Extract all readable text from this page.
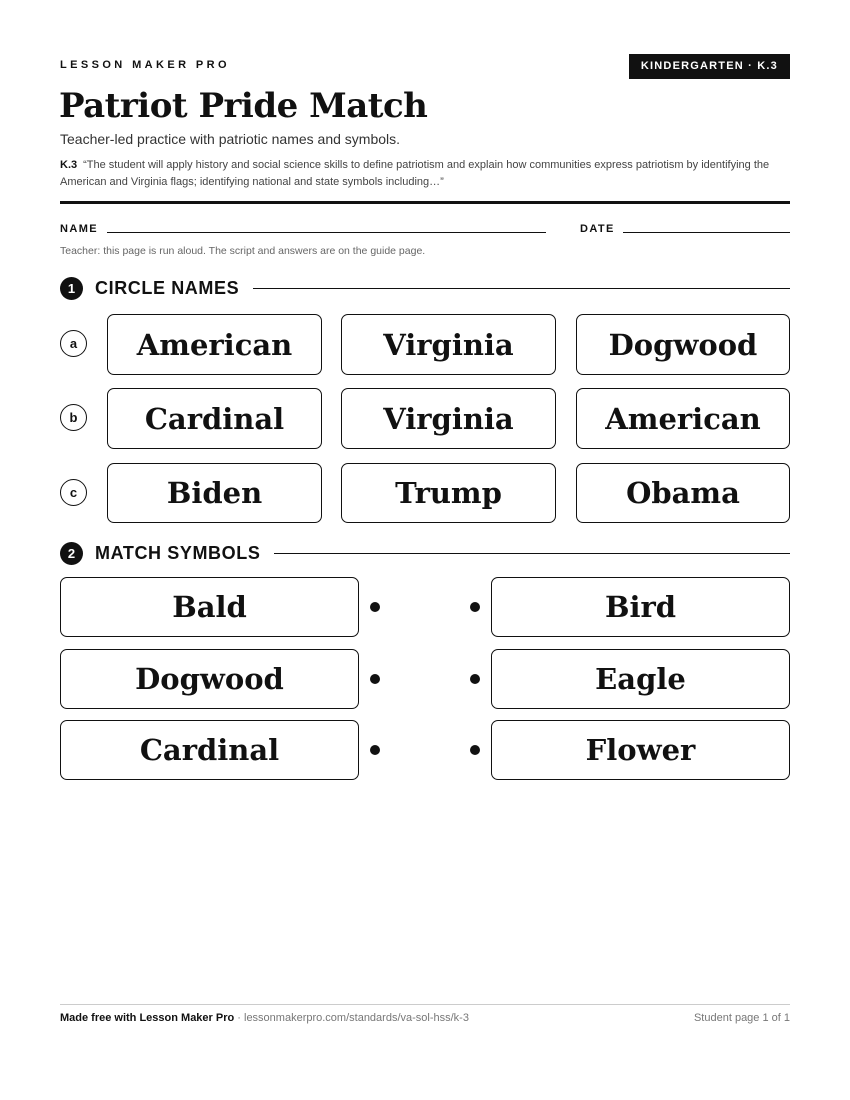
LESSON MAKER PRO	KINDERGARTEN · K.3
Patriot Pride Match
Teacher-led practice with patriotic names and symbols.
K.3 “The student will apply history and social science skills to define patriotism and explain how communities express patriotism by identifying the American and Virginia flags; identifying national and state symbols including…”
NAME	DATE
Teacher: this page is run aloud. The script and answers are on the guide page.
1	CIRCLE NAMES
a	American	Virginia	Dogwood
b	Cardinal	Virginia	American
c	Biden	Trump	Obama
2	MATCH SYMBOLS
Bald	Bird
Dogwood	Eagle
Cardinal	Flower
Made free with Lesson Maker Pro · lessonmakerpro.com/standards/va-sol-hss/k-3	Student page 1 of 1
